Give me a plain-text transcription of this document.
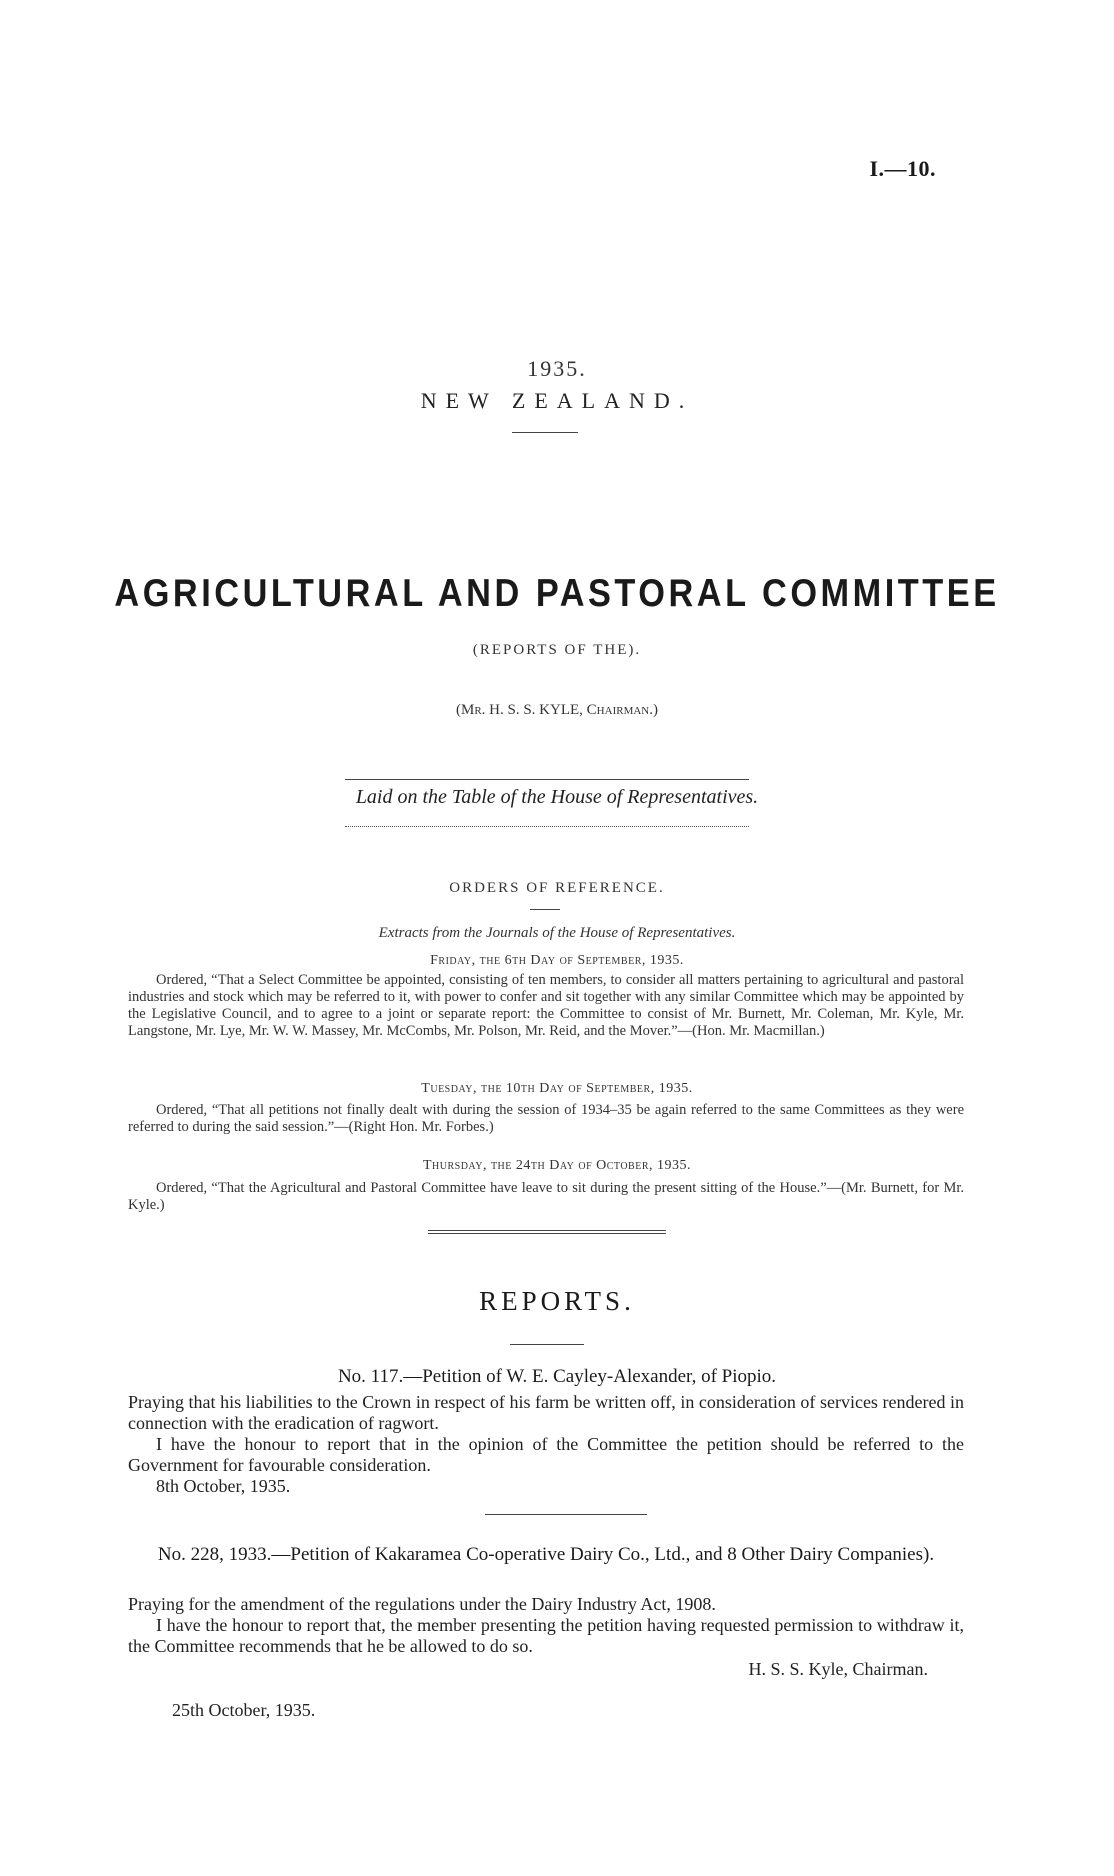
I.—10.
1935.
NEW ZEALAND.
AGRICULTURAL AND PASTORAL COMMITTEE
(REPORTS OF THE).
(Mr. H. S. S. KYLE, Chairman.)
Laid on the Table of the House of Representatives.
ORDERS OF REFERENCE.
Extracts from the Journals of the House of Representatives.
Friday, the 6th Day of September, 1935.
Ordered, “That a Select Committee be appointed, consisting of ten members, to consider all matters pertaining to agricultural and pastoral industries and stock which may be referred to it, with power to confer and sit together with any similar Committee which may be appointed by the Legislative Council, and to agree to a joint or separate report: the Committee to consist of Mr. Burnett, Mr. Coleman, Mr. Kyle, Mr. Langstone, Mr. Lye, Mr. W. W. Massey, Mr. McCombs, Mr. Polson, Mr. Reid, and the Mover.”—(Hon. Mr. Macmillan.)
Tuesday, the 10th Day of September, 1935.
Ordered, “That all petitions not finally dealt with during the session of 1934–35 be again referred to the same Committees as they were referred to during the said session.”—(Right Hon. Mr. Forbes.)
Thursday, the 24th Day of October, 1935.
Ordered, “That the Agricultural and Pastoral Committee have leave to sit during the present sitting of the House.”—(Mr. Burnett, for Mr. Kyle.)
REPORTS.
No. 117.—Petition of W. E. Cayley-Alexander, of Piopio.
Praying that his liabilities to the Crown in respect of his farm be written off, in consideration of services rendered in connection with the eradication of ragwort.
I have the honour to report that in the opinion of the Committee the petition should be referred to the Government for favourable consideration.
8th October, 1935.
No. 228, 1933.—Petition of Kakaramea Co-operative Dairy Co., Ltd., and 8 Other Dairy Companies).
Praying for the amendment of the regulations under the Dairy Industry Act, 1908.
I have the honour to report that, the member presenting the petition having requested permission to withdraw it, the Committee recommends that he be allowed to do so.
H. S. S. Kyle, Chairman.
25th October, 1935.
